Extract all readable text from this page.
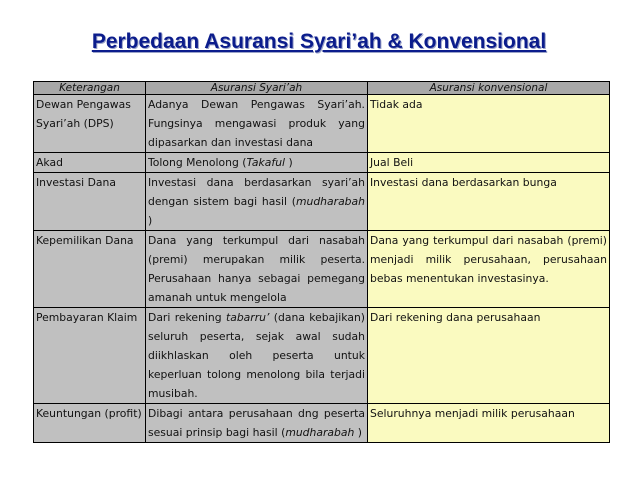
Perbedaan Asuransi Syari’ah & Konvensional
Keterangan	Asuransi Syari’ah	Asuransi konvensional
Dewan Pengawas Syari’ah (DPS)	Adanya Dewan Pengawas Syari’ah. Fungsinya mengawasi produk yang dipasarkan dan investasi dana	Tidak ada
Akad	Tolong Menolong (Takaful )	Jual Beli
Investasi Dana	Investasi dana berdasarkan syari’ah dengan sistem bagi hasil (mudharabah )	Investasi dana berdasarkan bunga
Kepemilikan Dana	Dana yang terkumpul dari nasabah (premi) merupakan milik peserta. Perusahaan hanya sebagai pemegang amanah untuk mengelola	Dana yang terkumpul dari nasabah (premi) menjadi milik perusahaan, perusahaan bebas menentukan investasinya.
Pembayaran Klaim	Dari rekening tabarru’ (dana kebajikan) seluruh peserta, sejak awal sudah diikhlaskan oleh peserta untuk keperluan tolong menolong bila terjadi musibah.	Dari rekening dana perusahaan
Keuntungan (profit)	Dibagi antara perusahaan dng peserta sesuai prinsip bagi hasil (mudharabah )	Seluruhnya menjadi milik perusahaan
